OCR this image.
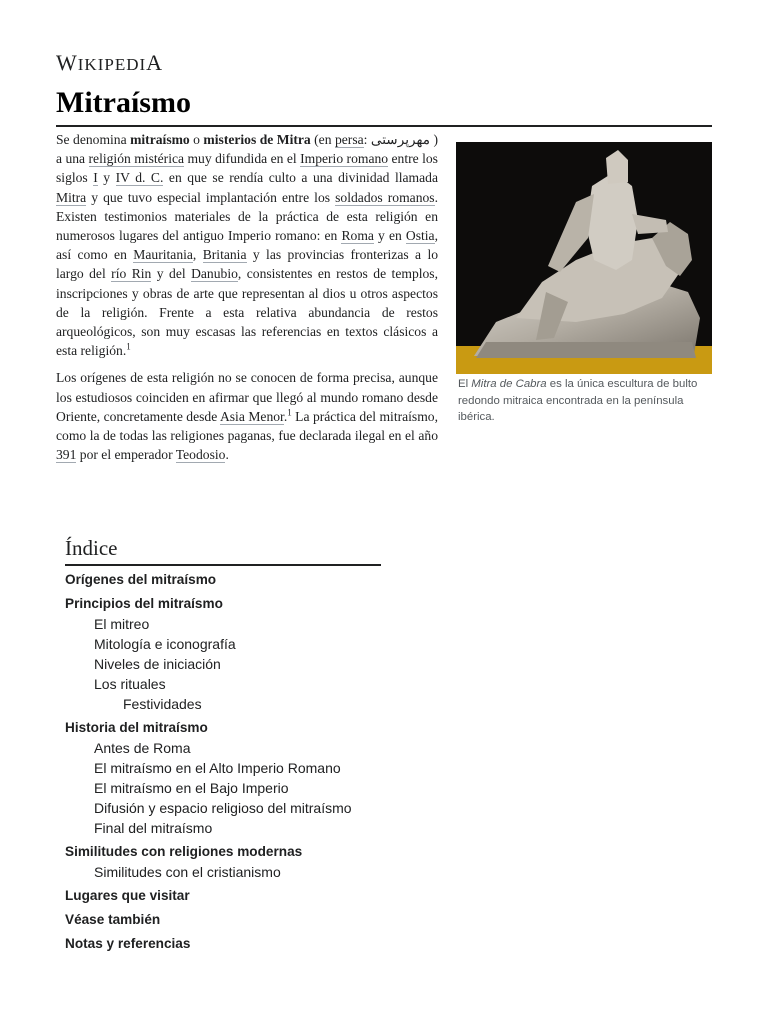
WIKIPEDIA
Mitraísmo
El Mitra de Cabra es la única escultura de bulto redondo mitraica encontrada en la península ibérica.

Se denomina mitraísmo o misterios de Mitra (en persa: مهرپرستی ) a una religión mistérica muy difundida en el Imperio romano entre los siglos I y IV d. C. en que se rendía culto a una divinidad llamada Mitra y que tuvo especial implantación entre los soldados romanos. Existen testimonios materiales de la práctica de esta religión en numerosos lugares del antiguo Imperio romano: en Roma y en Ostia, así como en Mauritania, Britania y las provincias fronterizas a lo largo del río Rin y del Danubio, consistentes en restos de templos, inscripciones y obras de arte que representan al dios u otros aspectos de la religión. Frente a esta relativa abundancia de restos arqueológicos, son muy escasas las referencias en textos clásicos a esta religión.$^1$

Los orígenes de esta religión no se conocen de forma precisa, aunque los estudiosos coinciden en afirmar que llegó al mundo romano desde Oriente, concretamente desde Asia Menor.$^1$ La práctica del mitraísmo, como la de todas las religiones paganas, fue declarada ilegal en el año 391 por el emperador Teodosio.

Índice
Orígenes del mitraísmo
Principios del mitraísmo
El mitreo
Mitología e iconografía
Niveles de iniciación
Los rituales
Festividades
Historia del mitraísmo
Antes de Roma
El mitraísmo en el Alto Imperio Romano
El mitraísmo en el Bajo Imperio
Difusión y espacio religioso del mitraísmo
Final del mitraísmo
Similitudes con religiones modernas
Similitudes con el cristianismo
Lugares que visitar
Véase también
Notas y referencias
